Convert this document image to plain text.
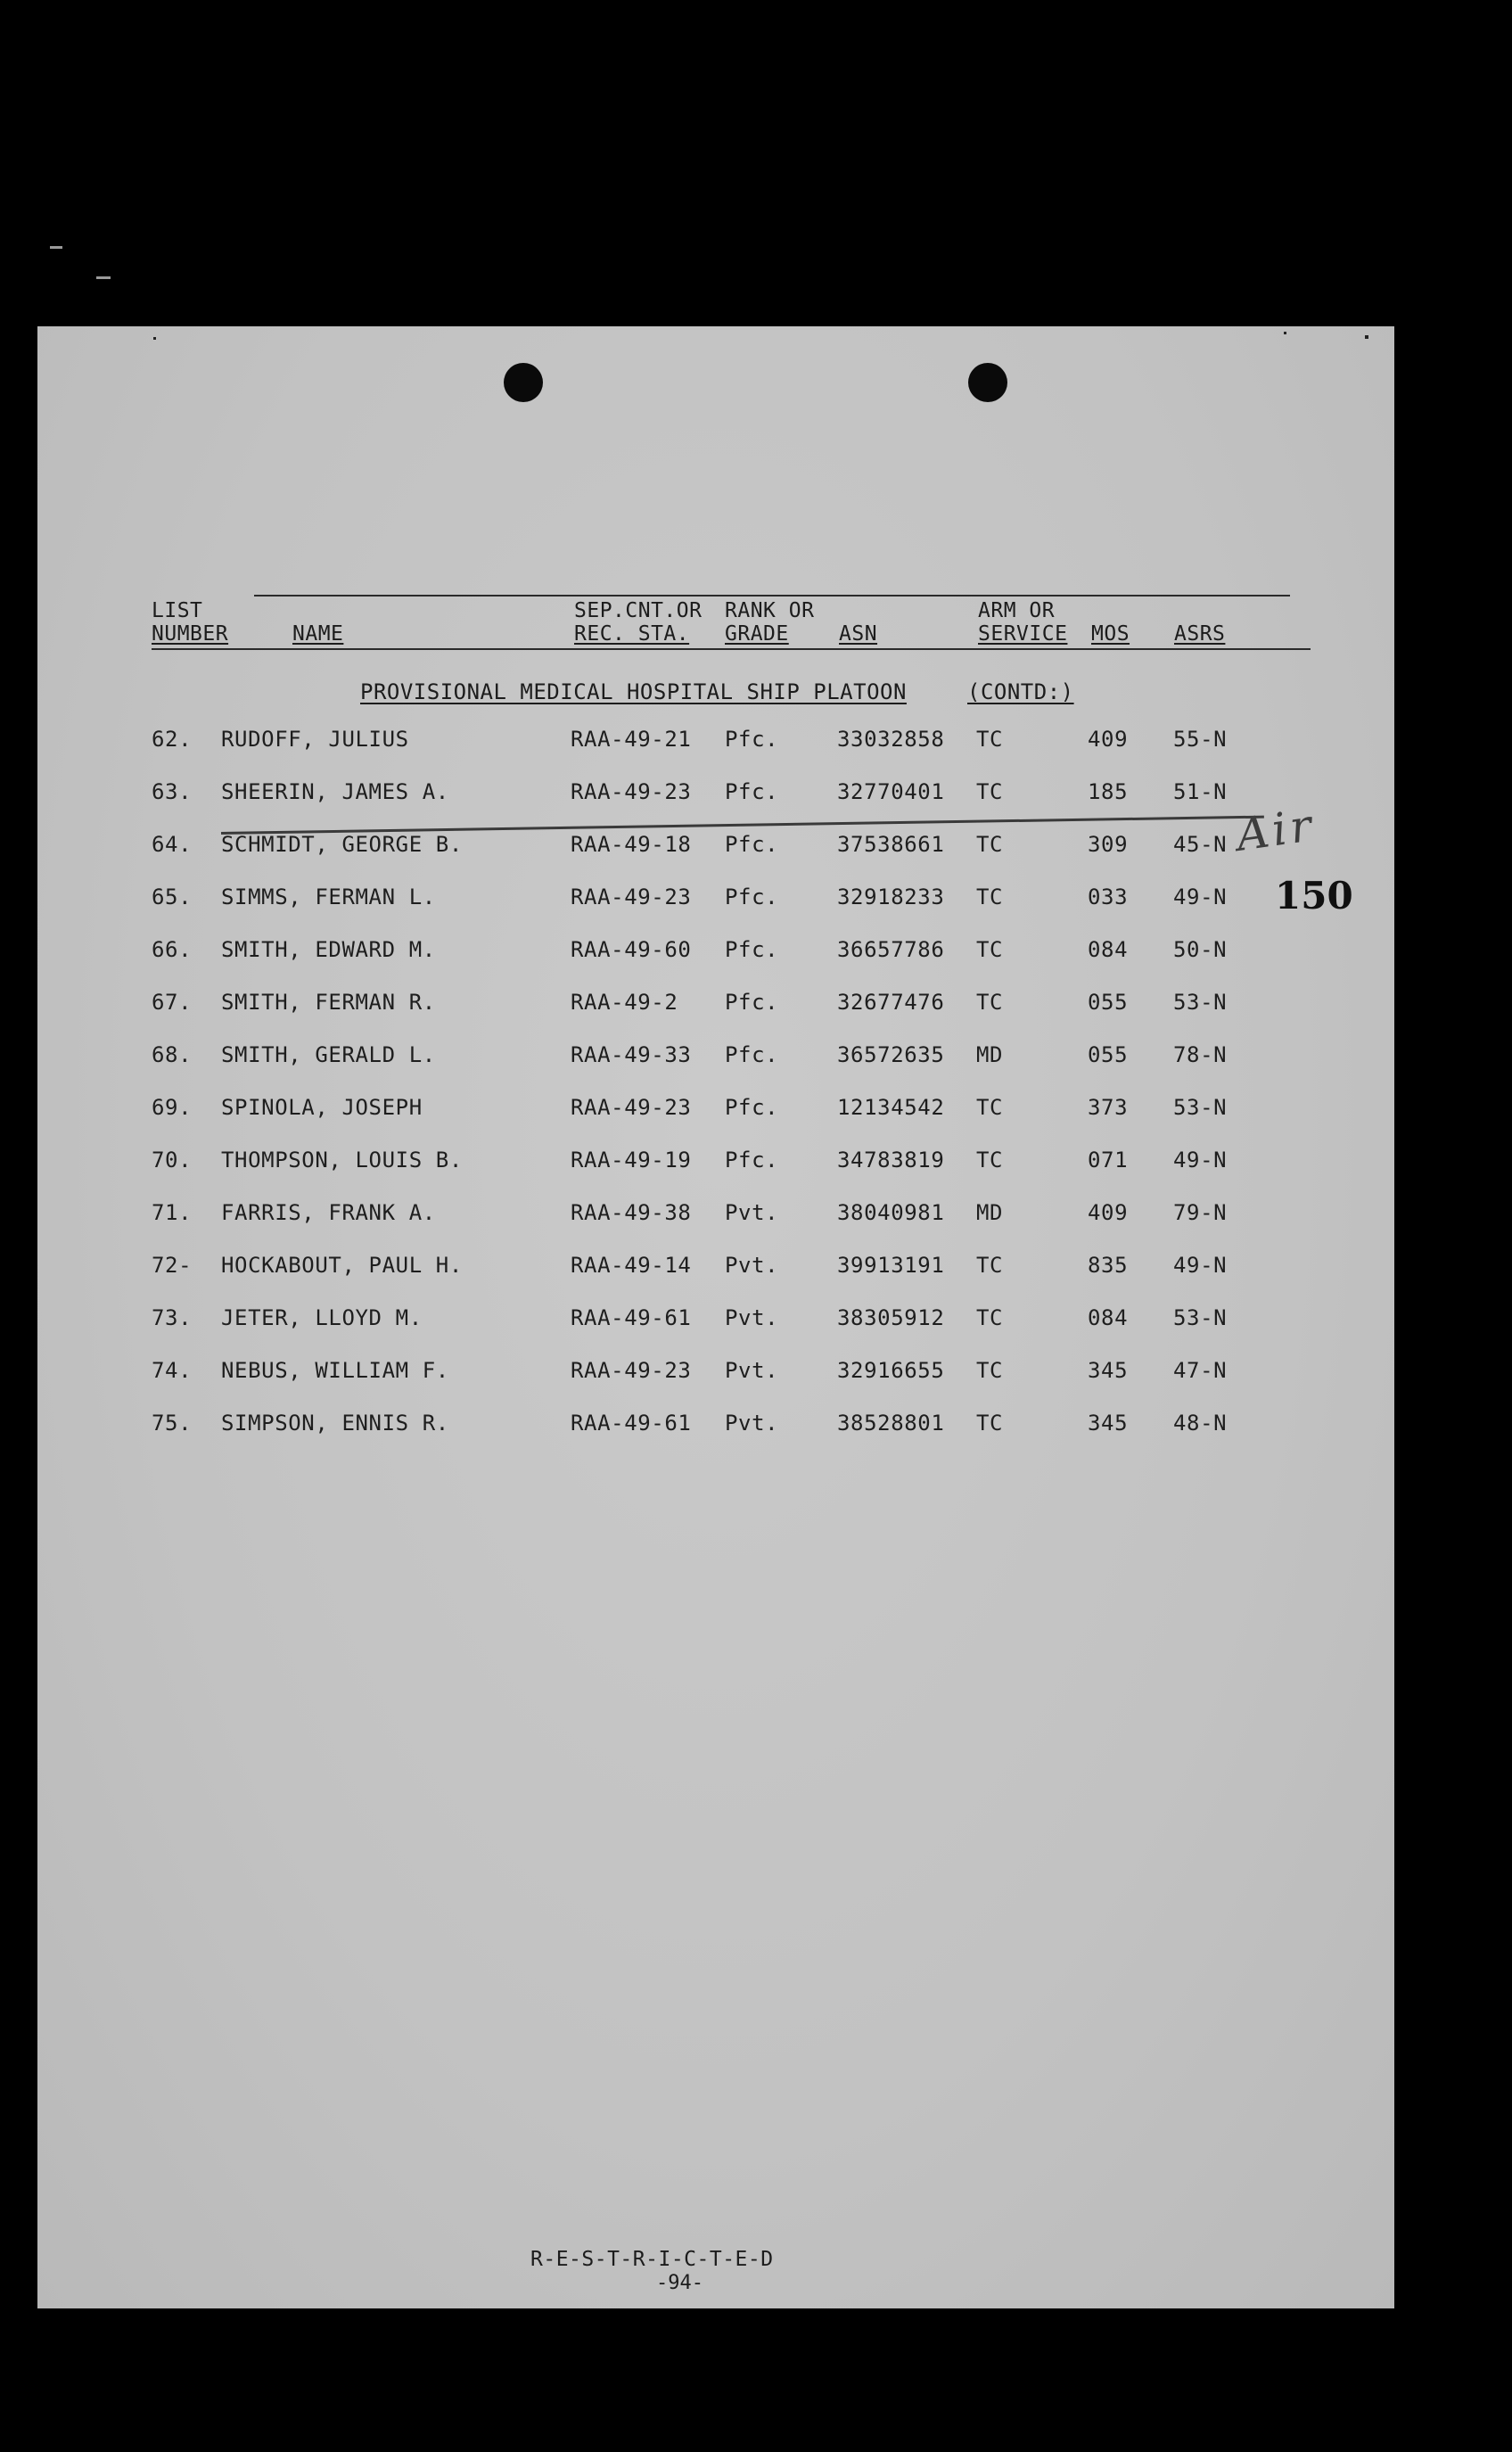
LIST
NUMBER	NAME
SEP.CNT.OR
REC. STA.
RANK OR
GRADE	ASN
ARM OR
SERVICE MOS ASRS
PROVISIONAL MEDICAL HOSPITAL SHIP PLATOON	(CONTD:)
62. RUDOFF, JULIUS	RAA-49-21 Pfc.	33032858 TC	409 55-N
63. SHEERIN, JAMES A.	RAA-49-23 Pfc.	32770401 TC	185 51-N
64. SCHMIDT, GEORGE B.	RAA-49-18 Pfc.	37538661 TC	309 45-N
65. SIMMS, FERMAN L.	RAA-49-23 Pfc.	32918233 TC	033 49-N
66. SMITH, EDWARD M.	RAA-49-60 Pfc.	36657786 TC	084 50-N
67. SMITH, FERMAN R.	RAA-49-2 Pfc.	32677476 TC	055 53-N
68. SMITH, GERALD L.	RAA-49-33 Pfc.	36572635 MD	055 78-N
69. SPINOLA, JOSEPH	RAA-49-23 Pfc.	12134542 TC	373 53-N
70. THOMPSON, LOUIS B.	RAA-49-19 Pfc.	34783819 TC	071 49-N
71. FARRIS, FRANK A.	RAA-49-38 Pvt.	38040981 MD	409 79-N
72- HOCKABOUT, PAUL H.	RAA-49-14 Pvt.	39913191 TC	835 49-N
73. JETER, LLOYD M.	RAA-49-61 Pvt.	38305912 TC	084 53-N
74. NEBUS, WILLIAM F.	RAA-49-23 Pvt.	32916655 TC	345 47-N
75. SIMPSON, ENNIS R.	RAA-49-61 Pvt.	38528801 TC	345 48-N
Air
150
R-E-S-T-R-I-C-T-E-D
-94-
